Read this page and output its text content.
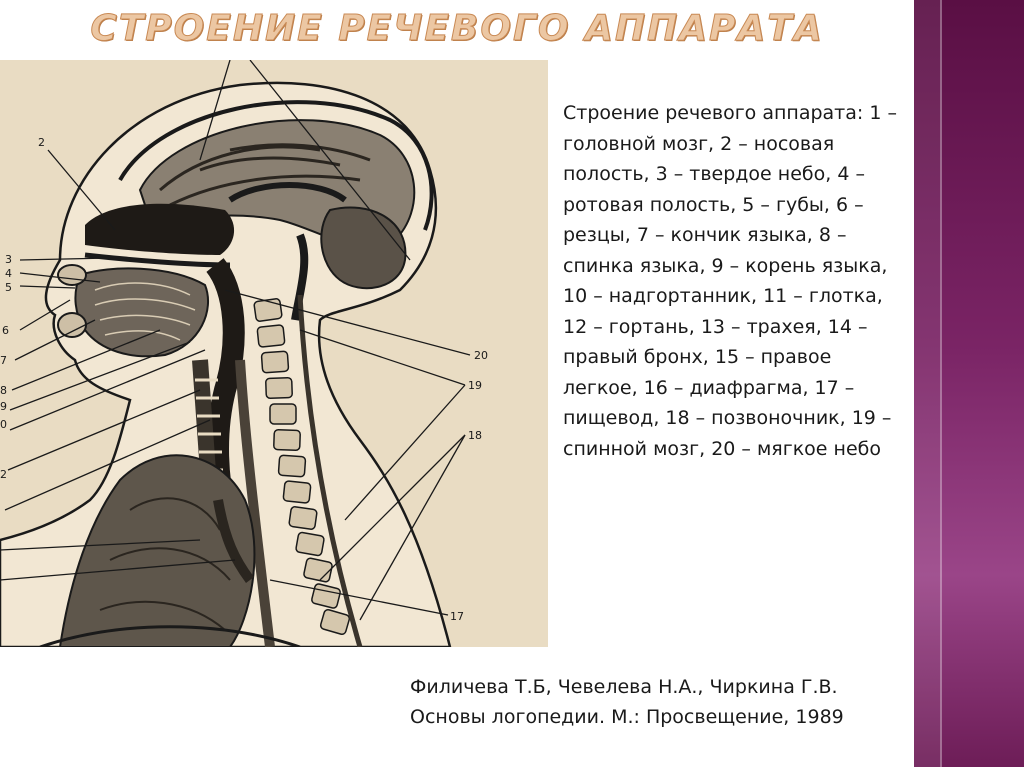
СТРОЕНИЕ РЕЧЕВОГО АППАРАТА
2
3
4
5
6
7
8
9
0
2
20
19
18
17
Строение речевого аппарата: 1 – головной мозг, 2 – носовая полость, 3 – твердое небо, 4 – ротовая полость, 5 – губы, 6 – резцы, 7 – кончик языка, 8 – спинка языка, 9 – корень языка, 10 – надгортанник, 11 – глотка, 12 – гортань, 13 – трахея, 14 – правый бронх, 15 – правое легкое, 16 – диафрагма, 17 – пищевод, 18 – позвоночник, 19 – спинной мозг, 20 – мягкое небо
Филичева Т.Б, Чевелева Н.А., Чиркина Г.В. Основы логопедии. М.: Просвещение, 1989
